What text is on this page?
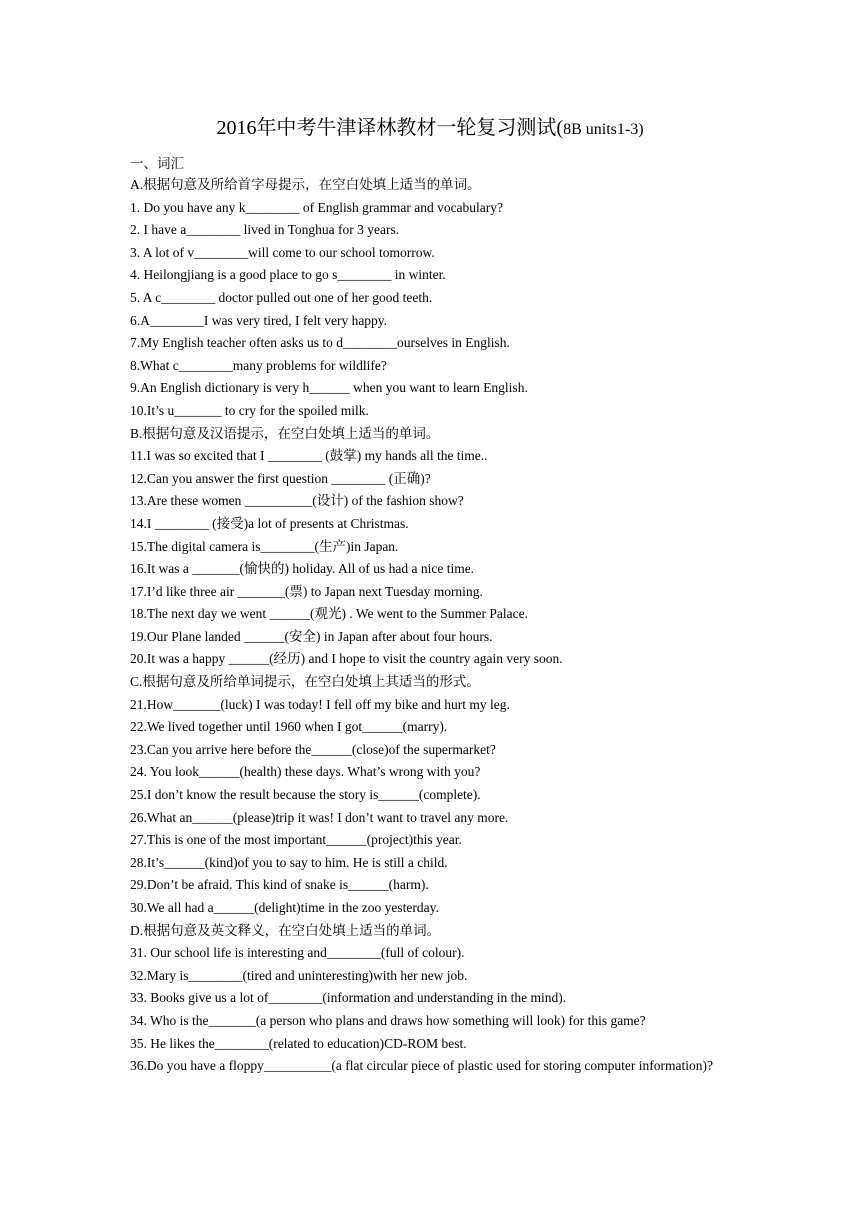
2016年中考牛津译林教材一轮复习测试(8B units1-3)
一、词汇
A.根据句意及所给首字母提示，在空白处填上适当的单词。
1. Do you have any k________ of English grammar and vocabulary?
2. I have a________ lived in Tonghua for 3 years.
3. A lot of v________will come to our school tomorrow.
4. Heilongjiang is a good place to go s________ in winter.
5. A c________ doctor pulled out one of her good teeth.
6.A________I was very tired, I felt very happy.
7.My English teacher often asks us to d________ourselves in English.
8.What c________many problems for wildlife?
9.An English dictionary is very h______ when you want to learn English.
10.It’s u_______ to cry for the spoiled milk.
B.根据句意及汉语提示，在空白处填上适当的单词。
11.I was so excited that I ________ (鼓掌) my hands all the time..
12.Can you answer the first question ________ (正确)?
13.Are these women __________(设计) of the fashion show?
14.I ________ (接受)a lot of presents at Christmas.
15.The digital camera is________(生产)in Japan.
16.It was a _______(愉快的) holiday. All of us had a nice time.
17.I’d like three air _______(票) to Japan next Tuesday morning.
18.The next day we went ______(观光) . We went to the Summer Palace.
19.Our Plane landed ______(安全) in Japan after about four hours.
20.It was a happy ______(经历) and I hope to visit the country again very soon.
C.根据句意及所给单词提示，在空白处填上其适当的形式。
21.How_______(luck) I was today! I fell off my bike and hurt my leg.
22.We lived together until 1960 when I got______(marry).
23.Can you arrive here before the______(close)of the supermarket?
24. You look______(health) these days. What’s wrong with you?
25.I don’t know the result because the story is______(complete).
26.What an______(please)trip it was! I don’t want to travel any more.
27.This is one of the most important______(project)this year.
28.It’s______(kind)of you to say to him. He is still a child.
29.Don’t be afraid. This kind of snake is______(harm).
30.We all had a______(delight)time in the zoo yesterday.
D.根据句意及英文释义，在空白处填上适当的单词。
31. Our school life is interesting and________(full of colour).
32.Mary is________(tired and uninteresting)with her new job.
33. Books give us a lot of________(information and understanding in the mind).
34. Who is the_______(a person who plans and draws how something will look) for this game?
35. He likes the________(related to education)CD-ROM best.
36.Do you have a floppy__________(a flat circular piece of plastic used for storing computer information)?
